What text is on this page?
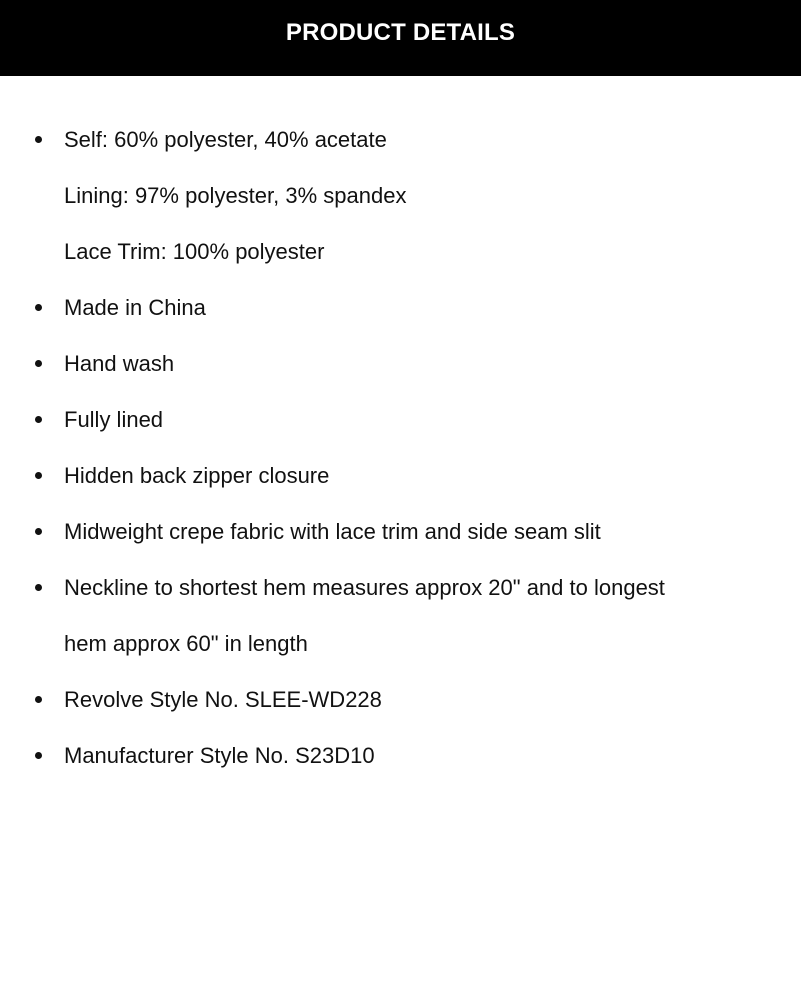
PRODUCT DETAILS
Self: 60% polyester, 40% acetate
Lining: 97% polyester, 3% spandex
Lace Trim: 100% polyester
Made in China
Hand wash
Fully lined
Hidden back zipper closure
Midweight crepe fabric with lace trim and side seam slit
Neckline to shortest hem measures approx 20" and to longest
hem approx 60" in length
Revolve Style No. SLEE-WD228
Manufacturer Style No. S23D10
